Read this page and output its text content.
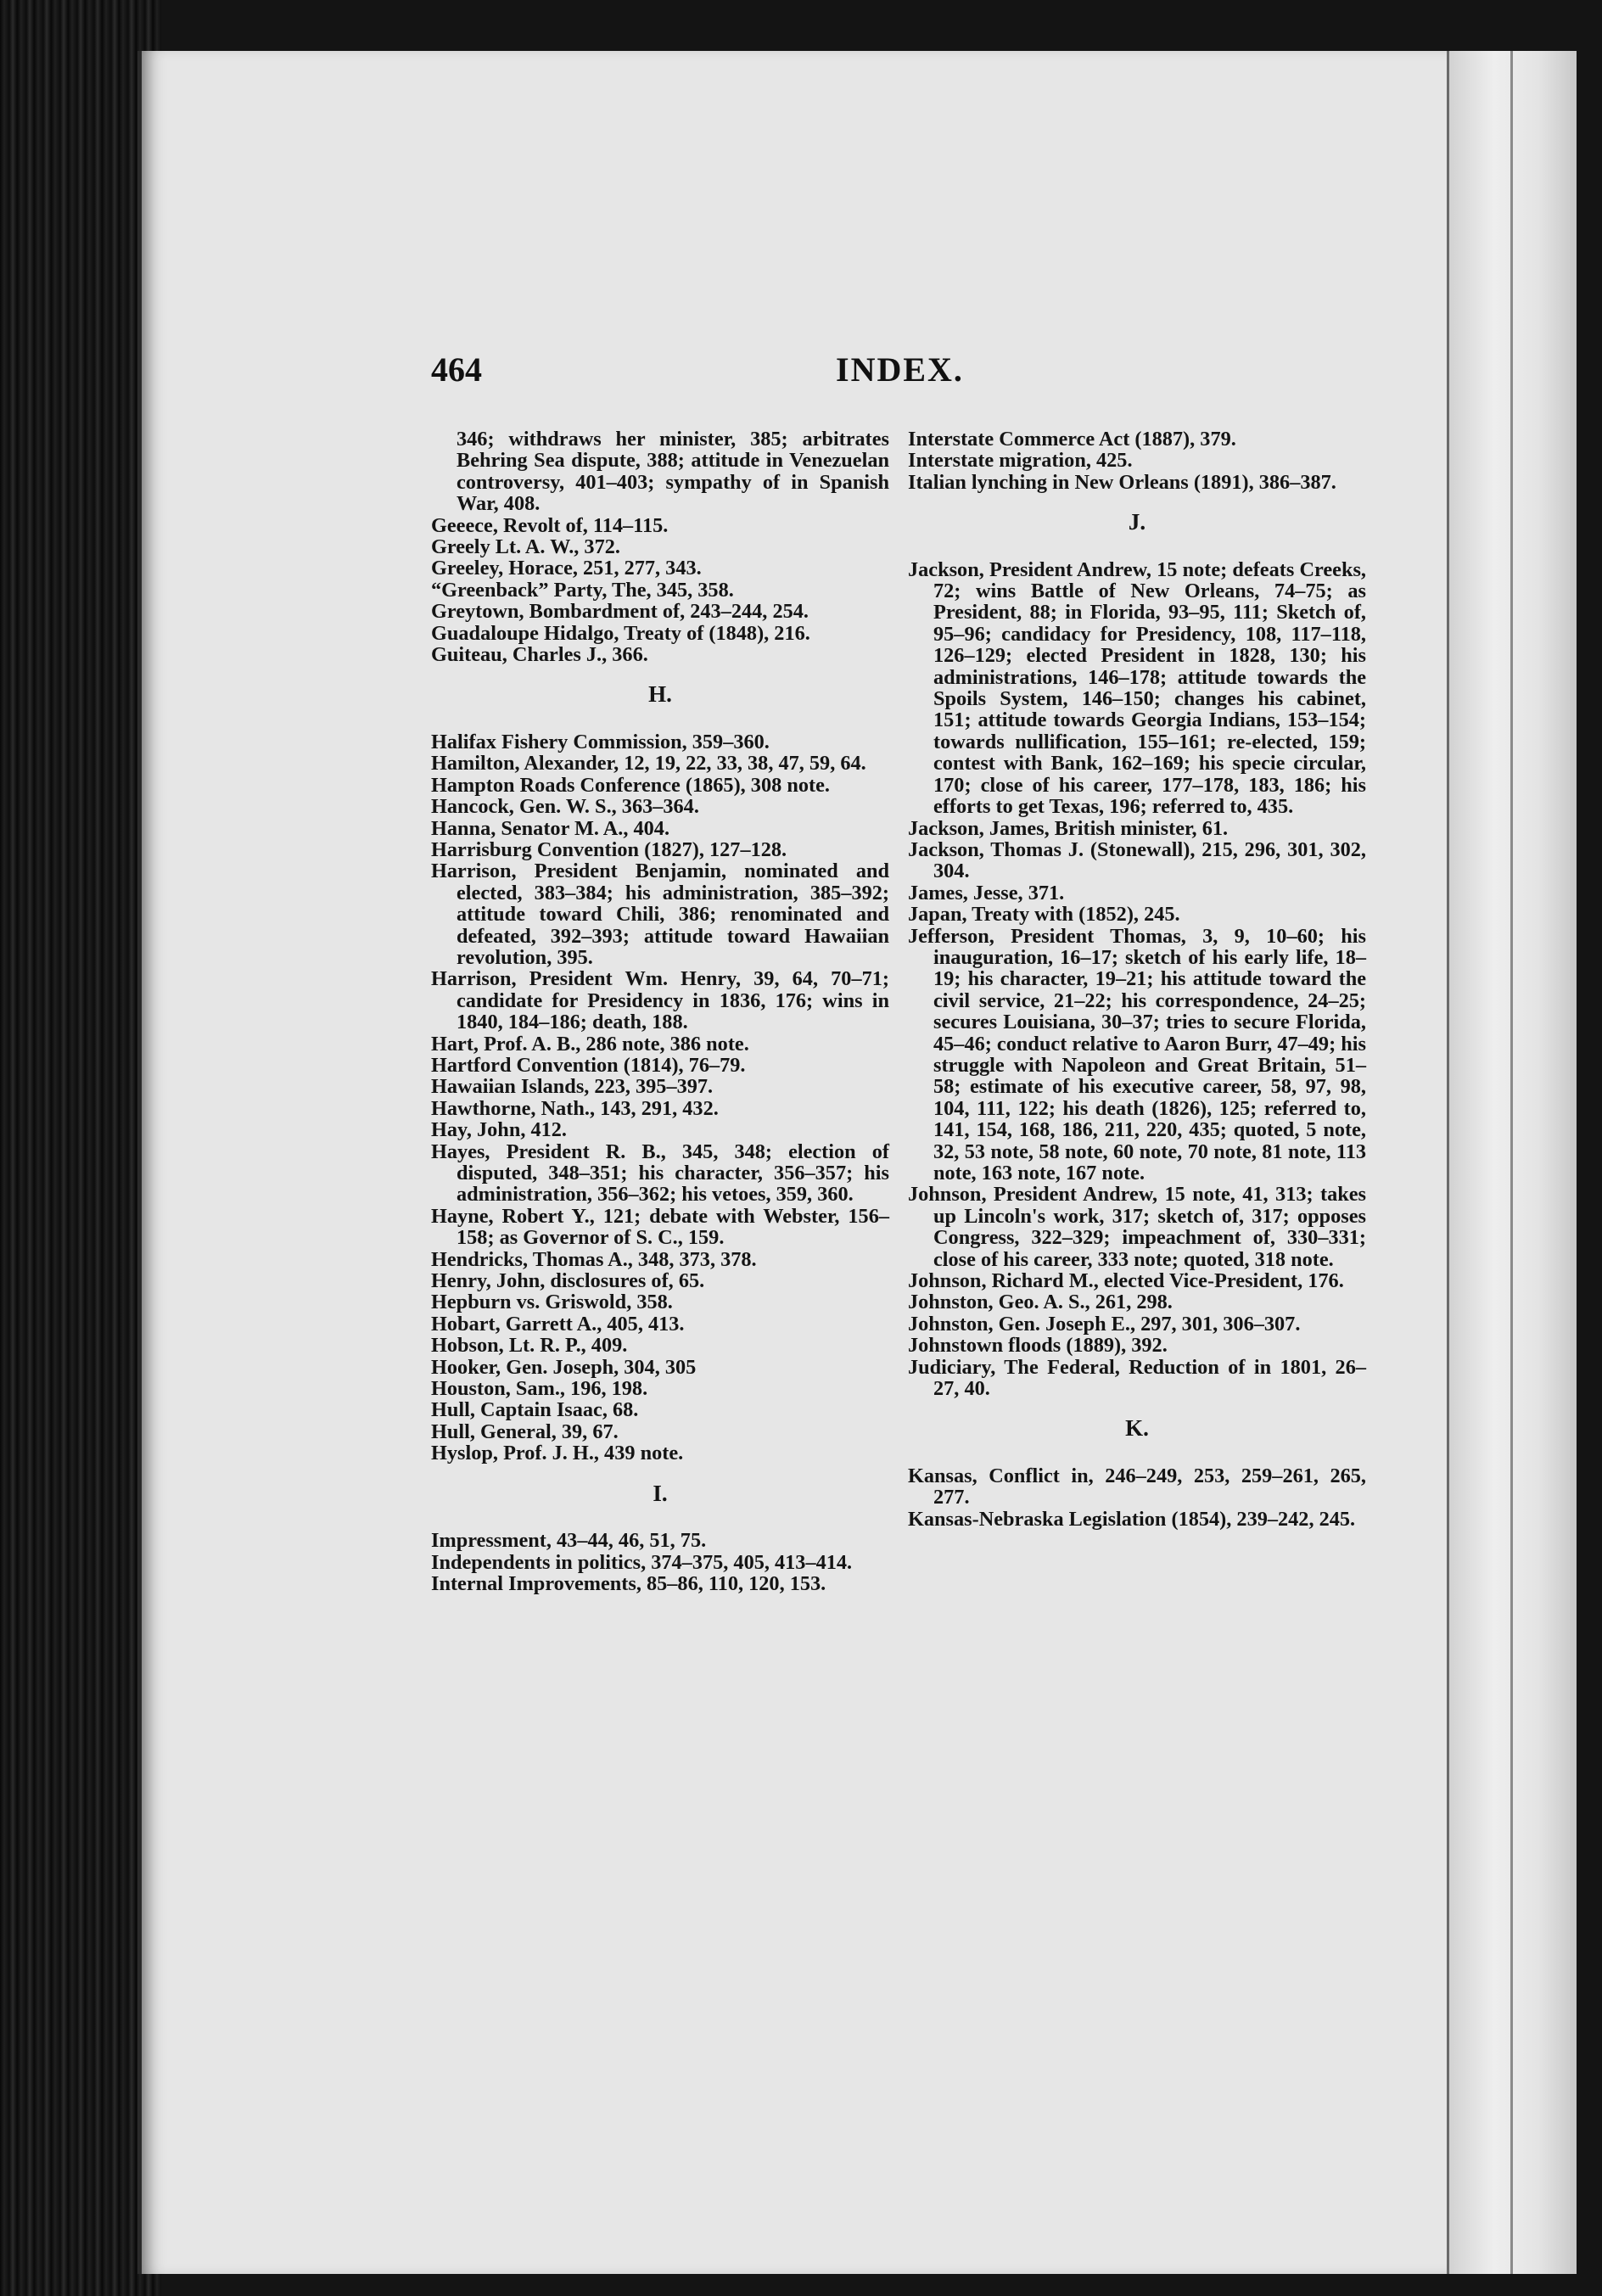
464	INDEX.
346; withdraws her minister, 385; arbitrates Behring Sea dispute, 388; attitude in Venezuelan controversy, 401–403; sympathy of in Spanish War, 408.
Geeece, Revolt of, 114–115.
Greely Lt. A. W., 372.
Greeley, Horace, 251, 277, 343.
“Greenback” Party, The, 345, 358.
Greytown, Bombardment of, 243–244, 254.
Guadaloupe Hidalgo, Treaty of (1848), 216.
Guiteau, Charles J., 366.
H.
Halifax Fishery Commission, 359–360.
Hamilton, Alexander, 12, 19, 22, 33, 38, 47, 59, 64.
Hampton Roads Conference (1865), 308 note.
Hancock, Gen. W. S., 363–364.
Hanna, Senator M. A., 404.
Harrisburg Convention (1827), 127–128.
Harrison, President Benjamin, nominated and elected, 383–384; his administration, 385–392; attitude toward Chili, 386; renominated and defeated, 392–393; attitude toward Hawaiian revolution, 395.
Harrison, President Wm. Henry, 39, 64, 70–71; candidate for Presidency in 1836, 176; wins in 1840, 184–186; death, 188.
Hart, Prof. A. B., 286 note, 386 note.
Hartford Convention (1814), 76–79.
Hawaiian Islands, 223, 395–397.
Hawthorne, Nath., 143, 291, 432.
Hay, John, 412.
Hayes, President R. B., 345, 348; election of disputed, 348–351; his character, 356–357; his administration, 356–362; his vetoes, 359, 360.
Hayne, Robert Y., 121; debate with Webster, 156–158; as Governor of S. C., 159.
Hendricks, Thomas A., 348, 373, 378.
Henry, John, disclosures of, 65.
Hepburn vs. Griswold, 358.
Hobart, Garrett A., 405, 413.
Hobson, Lt. R. P., 409.
Hooker, Gen. Joseph, 304, 305
Houston, Sam., 196, 198.
Hull, Captain Isaac, 68.
Hull, General, 39, 67.
Hyslop, Prof. J. H., 439 note.
I.
Impressment, 43–44, 46, 51, 75.
Independents in politics, 374–375, 405, 413–414.
Internal Improvements, 85–86, 110, 120, 153.
Interstate Commerce Act (1887), 379.
Interstate migration, 425.
Italian lynching in New Orleans (1891), 386–387.
J.
Jackson, President Andrew, 15 note; defeats Creeks, 72; wins Battle of New Orleans, 74–75; as President, 88; in Florida, 93–95, 111; Sketch of, 95–96; candidacy for Presidency, 108, 117–118, 126–129; elected President in 1828, 130; his administrations, 146–178; attitude towards the Spoils System, 146–150; changes his cabinet, 151; attitude towards Georgia Indians, 153–154; towards nullification, 155–161; re-elected, 159; contest with Bank, 162–169; his specie circular, 170; close of his career, 177–178, 183, 186; his efforts to get Texas, 196; referred to, 435.
Jackson, James, British minister, 61.
Jackson, Thomas J. (Stonewall), 215, 296, 301, 302, 304.
James, Jesse, 371.
Japan, Treaty with (1852), 245.
Jefferson, President Thomas, 3, 9, 10–60; his inauguration, 16–17; sketch of his early life, 18–19; his character, 19–21; his attitude toward the civil service, 21–22; his correspondence, 24–25; secures Louisiana, 30–37; tries to secure Florida, 45–46; conduct relative to Aaron Burr, 47–49; his struggle with Napoleon and Great Britain, 51–58; estimate of his executive career, 58, 97, 98, 104, 111, 122; his death (1826), 125; referred to, 141, 154, 168, 186, 211, 220, 435; quoted, 5 note, 32, 53 note, 58 note, 60 note, 70 note, 81 note, 113 note, 163 note, 167 note.
Johnson, President Andrew, 15 note, 41, 313; takes up Lincoln's work, 317; sketch of, 317; opposes Congress, 322–329; impeachment of, 330–331; close of his career, 333 note; quoted, 318 note.
Johnson, Richard M., elected Vice-President, 176.
Johnston, Geo. A. S., 261, 298.
Johnston, Gen. Joseph E., 297, 301, 306–307.
Johnstown floods (1889), 392.
Judiciary, The Federal, Reduction of in 1801, 26–27, 40.
K.
Kansas, Conflict in, 246–249, 253, 259–261, 265, 277.
Kansas-Nebraska Legislation (1854), 239–242, 245.
